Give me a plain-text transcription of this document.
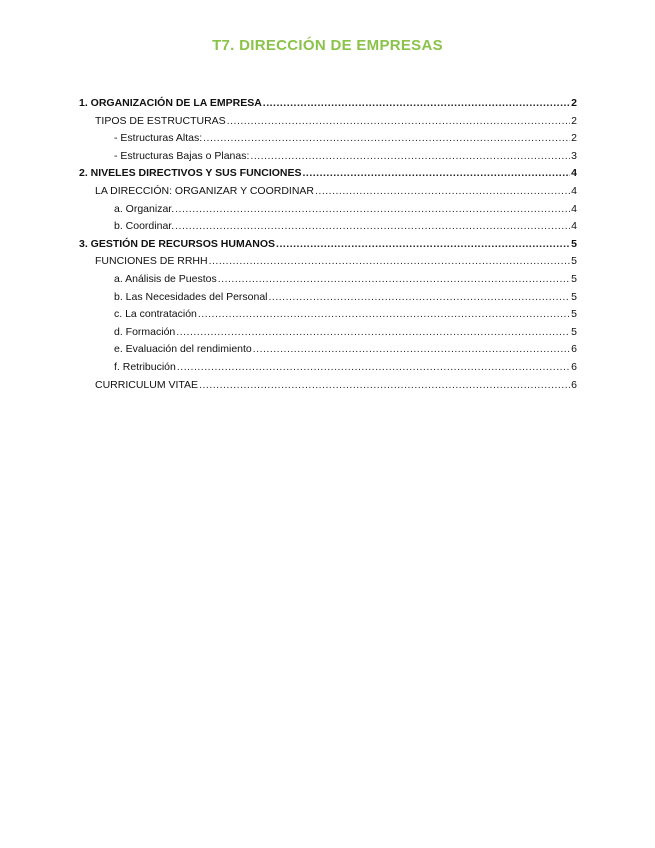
T7. DIRECCIÓN DE EMPRESAS
1. ORGANIZACIÓN DE LA EMPRESA .....	2
TIPOS DE ESTRUCTURAS .....	2
- Estructuras Altas: .....	2
- Estructuras Bajas o Planas: .....	3
2. NIVELES DIRECTIVOS Y SUS FUNCIONES .....	4
LA DIRECCIÓN: ORGANIZAR Y COORDINAR .....	4
a. Organizar. .....	4
b. Coordinar. .....	4
3. GESTIÓN DE RECURSOS HUMANOS .....	5
FUNCIONES DE RRHH .....	5
a. Análisis de Puestos .....	5
b. Las Necesidades del Personal .....	5
c. La contratación .....	5
d. Formación .....	5
e. Evaluación del rendimiento .....	6
f. Retribución .....	6
CURRICULUM VITAE .....	6
